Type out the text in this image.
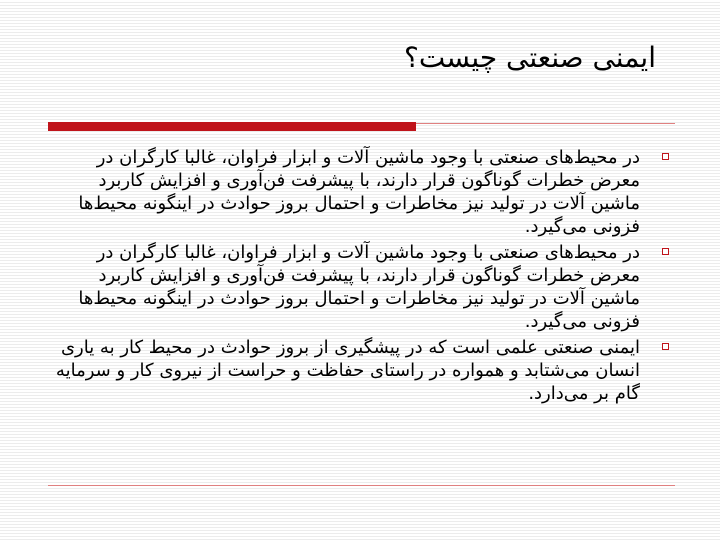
ایمنی صنعتی چیست؟
در محیط‌های صنعتی با وجود ماشین آلات و ابزار فراوان، غالبا کارگران در معرض خطرات گوناگون قرار دارند، با پیشرفت فن‌آوری و افزایش کاربرد ماشین آلات در تولید نیز مخاطرات و احتمال بروز حوادث در اینگونه محیط‌ها فزونی می‌گیرد.
در محیط‌های صنعتی با وجود ماشین آلات و ابزار فراوان، غالبا کارگران در معرض خطرات گوناگون قرار دارند، با پیشرفت فن‌آوری و افزایش کاربرد ماشین آلات در تولید نیز مخاطرات و احتمال بروز حوادث در اینگونه محیط‌ها فزونی می‌گیرد.
ایمنی صنعتی علمی است که در پیشگیری از بروز حوادث در محیط کار به یاری انسان می‌شتابد و همواره در راستای حفاظت و حراست از نیروی کار و سرمایه گام بر می‌دارد.
